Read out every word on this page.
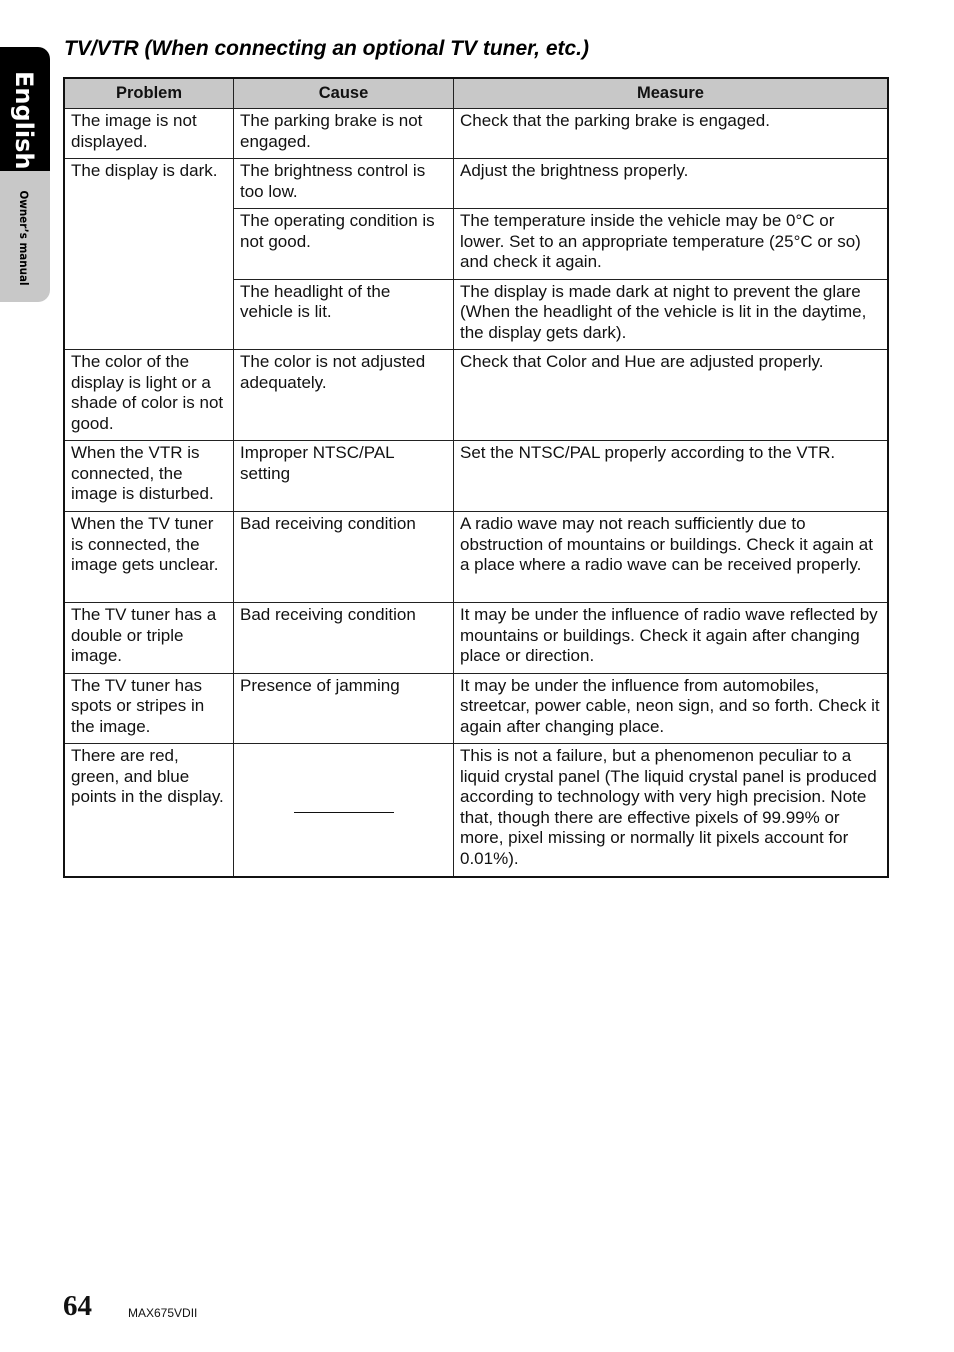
English
Owner’s manual
TV/VTR (When connecting an optional TV tuner, etc.)
Problem	Cause	Measure
The image is not displayed.	The parking brake is not engaged.	Check that the parking brake is engaged.
The display is dark.	The brightness control is too low.	Adjust the brightness properly.
	The operating condition is not good.	The temperature inside the vehicle may be 0°C or lower. Set to an appropriate temperature (25°C or so) and check it again.
	The headlight of the vehicle is lit.	The display is made dark at night to prevent the glare (When the headlight of the vehicle is lit in the daytime, the display gets dark).
The color of the display is light or a shade of color is not good.	The color is not adjusted adequately.	Check that Color and Hue are adjusted properly.
When the VTR is connected, the image is disturbed.	Improper NTSC/PAL setting	Set the NTSC/PAL properly according to the VTR.
When the TV tuner is connected, the image gets unclear.	Bad receiving condition	A radio wave may not reach sufficiently due to obstruction of mountains or buildings. Check it again at a place where a radio wave can be received properly.
The TV tuner has a double or triple image.	Bad receiving condition	It may be under the influence of radio wave reflected by mountains or buildings. Check it again after changing place or direction.
The TV tuner has spots or stripes in the image.	Presence of jamming	It may be under the influence from automobiles, streetcar, power cable, neon sign, and so forth. Check it again after changing place.
There are red, green, and blue points in the display.		This is not a failure, but a phenomenon peculiar to a liquid crystal panel (The liquid crystal panel is produced according to technology with very high precision. Note that, though there are effective pixels of 99.99% or more, pixel missing or normally lit pixels account for 0.01%).

64	MAX675VDII
